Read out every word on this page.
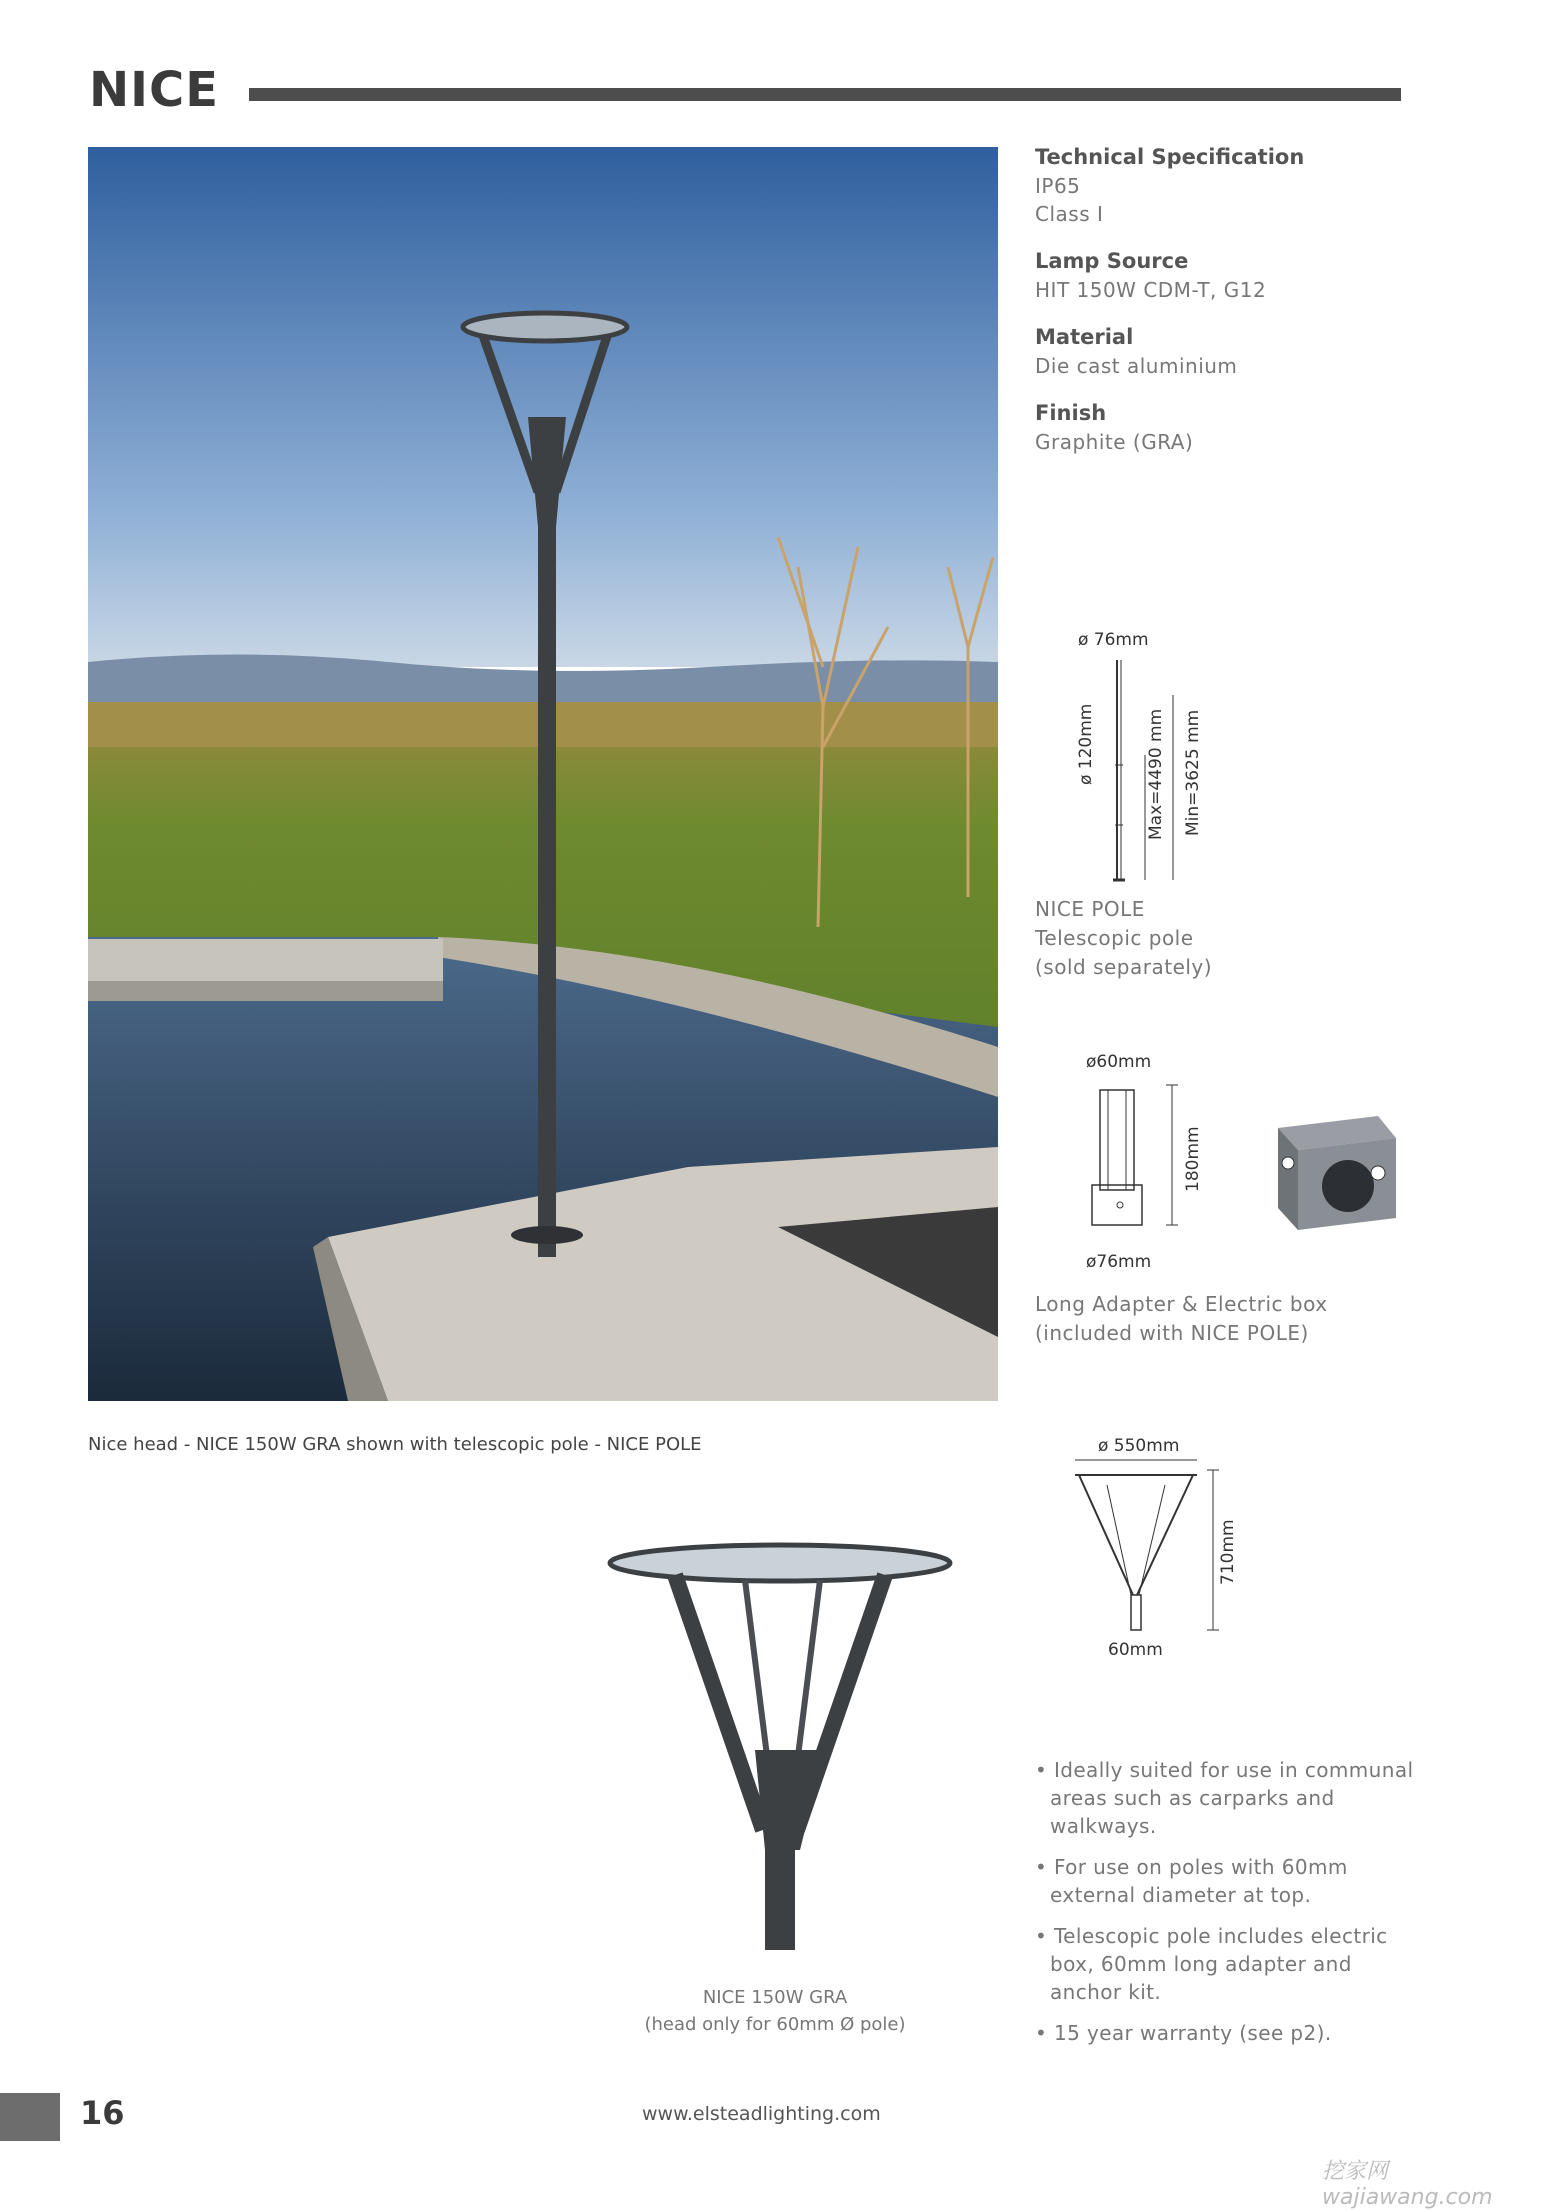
NICE
Nice head - NICE 150W GRA shown with telescopic pole - NICE POLE
Technical Specification
IP65
Class I
Lamp Source
HIT 150W CDM-T, G12
Material
Die cast aluminium
Finish
Graphite (GRA)
ø 76mm
ø 120mm	Max=4490 mm Min=3625 mm
NICE POLE
Telescopic pole
(sold separately)
ø60mm
180mm
ø76mm
Long Adapter & Electric box
(included with NICE POLE)
ø 550mm
710mm
60mm
NICE 150W GRA
(head only for 60mm Ø pole)
• Ideally suited for use in communal areas such as carparks and walkways.
• For use on poles with 60mm external diameter at top.
• Telescopic pole includes electric box, 60mm long adapter and anchor kit.
• 15 year warranty (see p2).
16	www.elsteadlighting.com
挖家网 wajiawang.com
